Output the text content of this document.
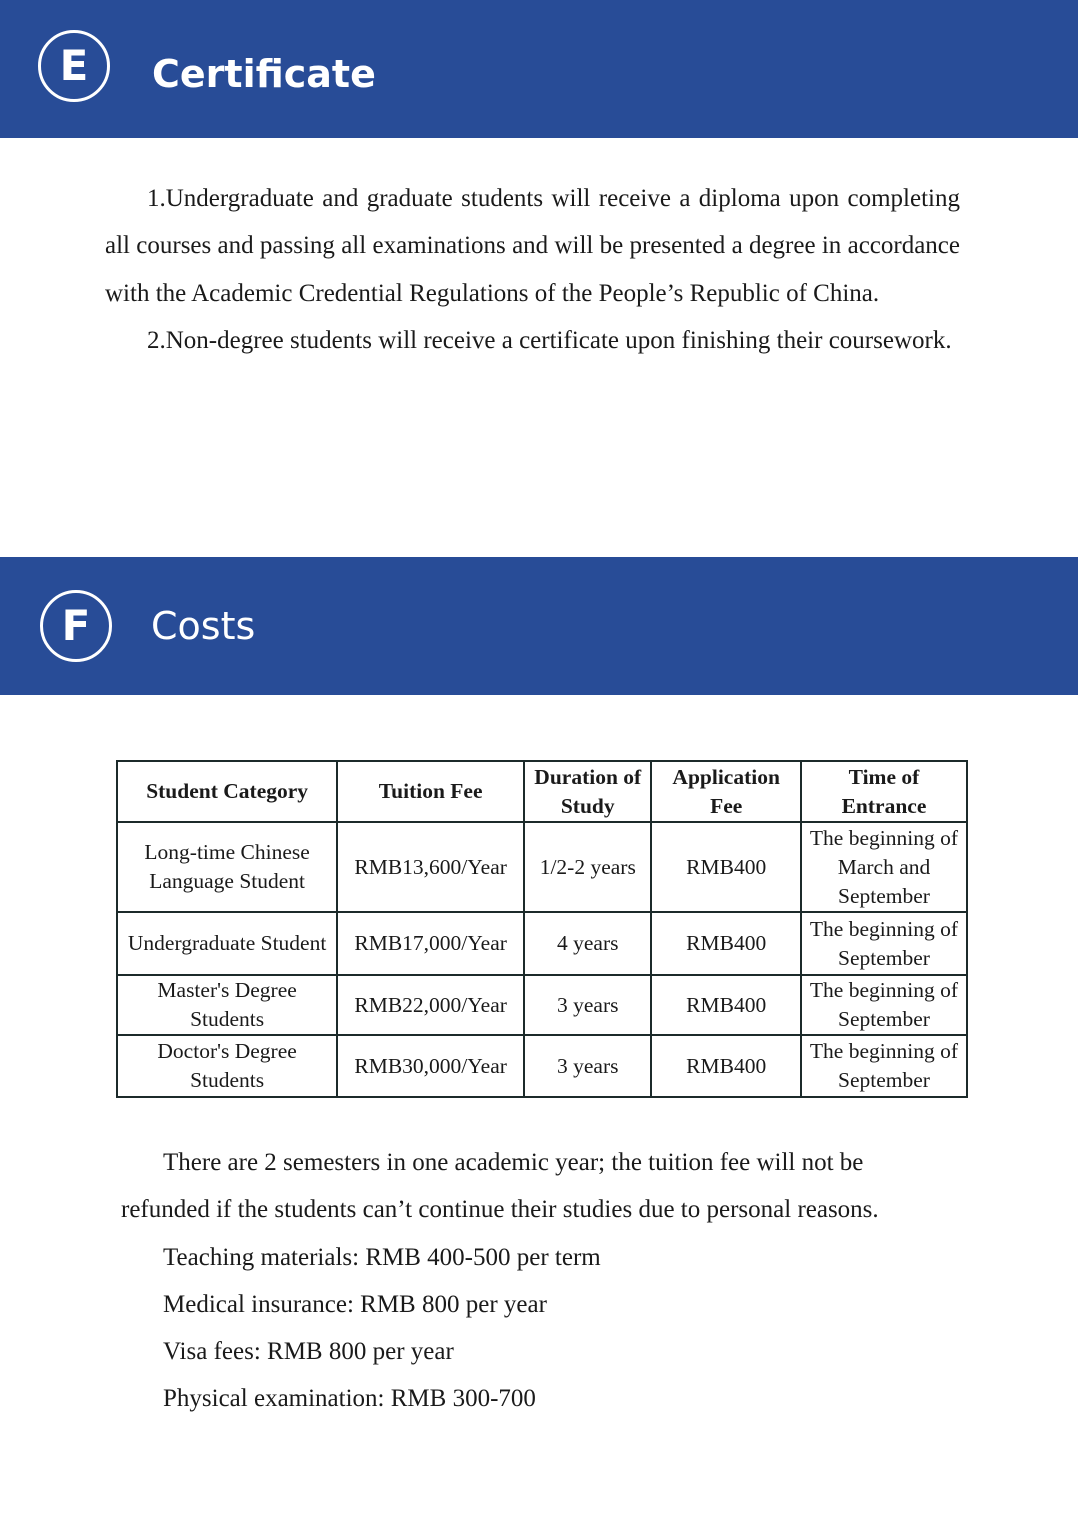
E	Certificate

1.Undergraduate and graduate students will receive a diploma upon completing all courses and passing all examinations and will be presented a degree in accordance with the Academic Credential Regulations of the People’s Republic of China.

2.Non-degree students will receive a certificate upon finishing their coursework.

F	Costs
Student Category	Tuition Fee	Duration of Study	Application Fee	Time of Entrance
Long-time Chinese Language Student	RMB13,600/Year	1/2-2 years	RMB400	The beginning of March and September
Undergraduate Student	RMB17,000/Year	4 years	RMB400	The beginning of September
Master's Degree Students	RMB22,000/Year	3 years	RMB400	The beginning of September
Doctor's Degree Students	RMB30,000/Year	3 years	RMB400	The beginning of September

There are 2 semesters in one academic year; the tuition fee will not be

refunded if the students can’t continue their studies due to personal reasons.

Teaching materials: RMB 400-500 per term

Medical insurance: RMB 800 per year

Visa fees: RMB 800 per year

Physical examination: RMB 300-700
